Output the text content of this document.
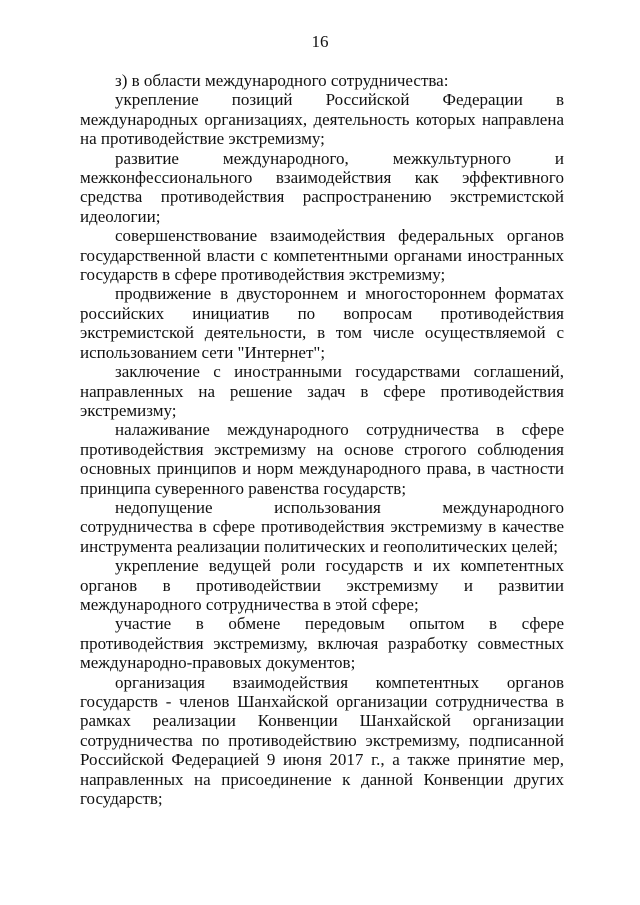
16

з) в области международного сотрудничества:

укрепление позиций Российской Федерации в международных организациях, деятельность которых направлена на противодействие экстремизму;

развитие международного, межкультурного и межконфессионального взаимодействия как эффективного средства противодействия распространению экстремистской идеологии;

совершенствование взаимодействия федеральных органов государственной власти с компетентными органами иностранных государств в сфере противодействия экстремизму;

продвижение в двустороннем и многостороннем форматах российских инициатив по вопросам противодействия экстремистской деятельности, в том числе осуществляемой с использованием сети "Интернет";

заключение с иностранными государствами соглашений, направленных на решение задач в сфере противодействия экстремизму;

налаживание международного сотрудничества в сфере противодействия экстремизму на основе строгого соблюдения основных принципов и норм международного права, в частности принципа суверенного равенства государств;

недопущение использования международного сотрудничества в сфере противодействия экстремизму в качестве инструмента реализации политических и геополитических целей;

укрепление ведущей роли государств и их компетентных органов в противодействии экстремизму и развитии международного сотрудничества в этой сфере;

участие в обмене передовым опытом в сфере противодействия экстремизму, включая разработку совместных международно-правовых документов;

организация взаимодействия компетентных органов государств - членов Шанхайской организации сотрудничества в рамках реализации Конвенции Шанхайской организации сотрудничества по противодействию экстремизму, подписанной Российской Федерацией 9 июня 2017 г., а также принятие мер, направленных на присоединение к данной Конвенции других государств;
